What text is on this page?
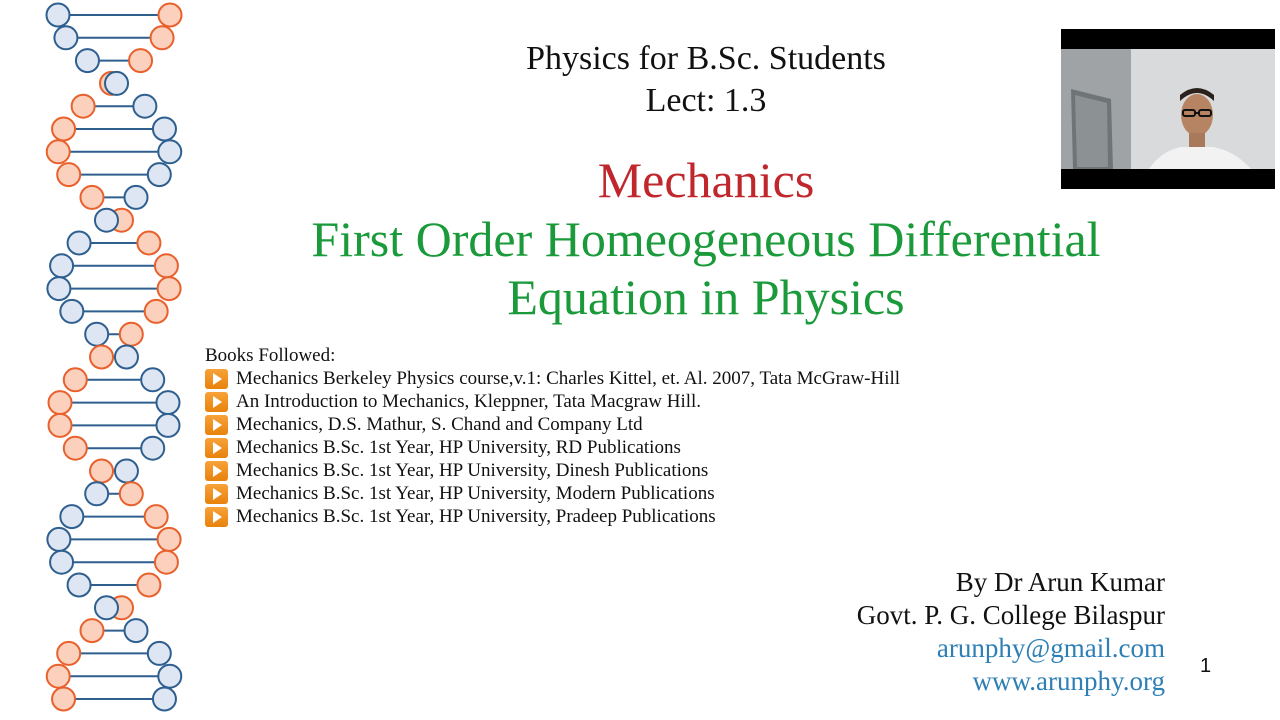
Physics for B.Sc. Students
Lect: 1.3
Mechanics
First Order Homeogeneous Differential
Equation in Physics
Books Followed:
Mechanics Berkeley Physics course,v.1: Charles Kittel, et. Al. 2007, Tata McGraw-Hill
An Introduction to Mechanics, Kleppner, Tata Macgraw Hill.
Mechanics, D.S. Mathur, S. Chand and Company Ltd
Mechanics B.Sc. 1st Year, HP University, RD Publications
Mechanics B.Sc. 1st Year, HP University, Dinesh Publications
Mechanics B.Sc. 1st Year, HP University, Modern Publications
Mechanics B.Sc. 1st Year, HP University, Pradeep Publications
By Dr Arun Kumar
Govt. P. G. College Bilaspur
arunphy@gmail.com
www.arunphy.org 1
